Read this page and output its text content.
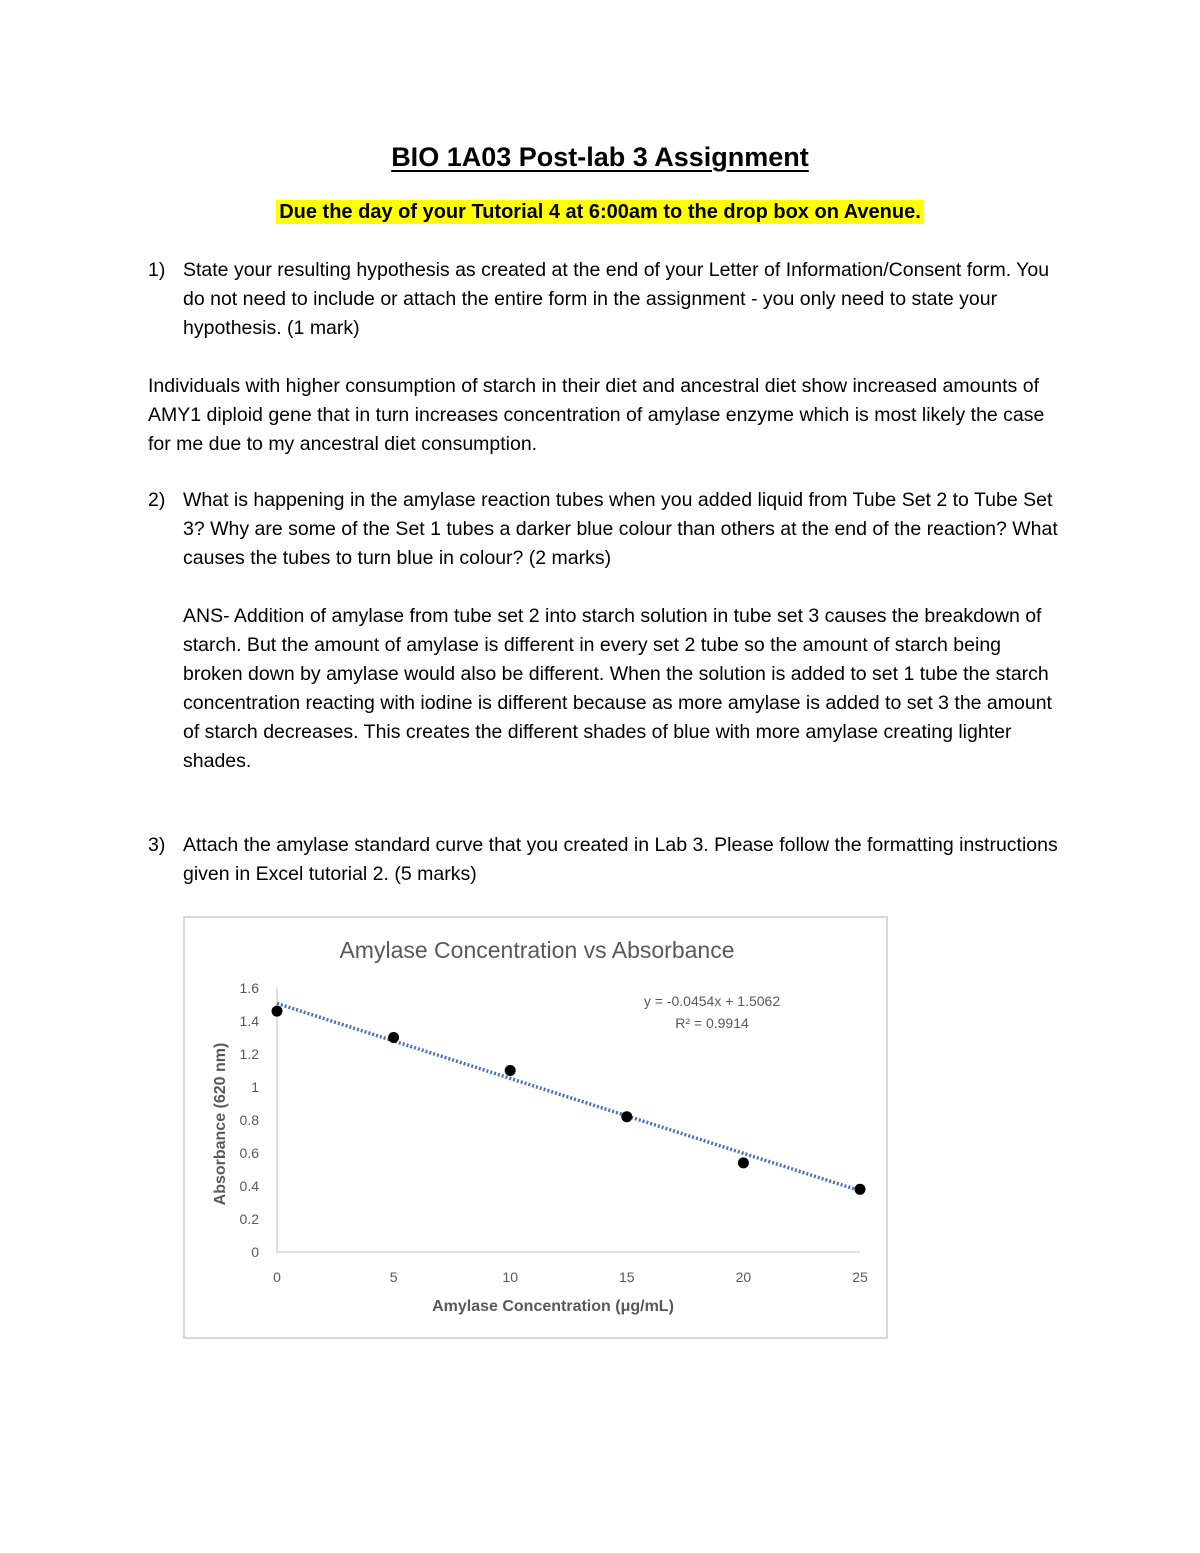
BIO 1A03 Post-lab 3 Assignment
Due the day of your Tutorial 4 at 6:00am to the drop box on Avenue.
1) State your resulting hypothesis as created at the end of your Letter of Information/Consent form. You do not need to include or attach the entire form in the assignment - you only need to state your hypothesis. (1 mark)
Individuals with higher consumption of starch in their diet and ancestral diet show increased amounts of AMY1 diploid gene that in turn increases concentration of amylase enzyme which is most likely the case for me due to my ancestral diet consumption.
2) What is happening in the amylase reaction tubes when you added liquid from Tube Set 2 to Tube Set 3? Why are some of the Set 1 tubes a darker blue colour than others at the end of the reaction? What causes the tubes to turn blue in colour? (2 marks)
ANS- Addition of amylase from tube set 2 into starch solution in tube set 3 causes the breakdown of starch. But the amount of amylase is different in every set 2 tube so the amount of starch being broken down by amylase would also be different. When the solution is added to set 1 tube the starch concentration reacting with iodine is different because as more amylase is added to set 3 the amount of starch decreases. This creates the different shades of blue with more amylase creating lighter shades.
3) Attach the amylase standard curve that you created in Lab 3. Please follow the formatting instructions given in Excel tutorial 2. (5 marks)
Amylase Concentration vs Absorbance
0
0.2
0.4
0.6
0.8
1
1.2
1.4
1.6
0	5	10	15	20	25
y = -0.0454x + 1.5062
R² = 0.9914
Amylase Concentration (μg/mL)
Absorbance (620 nm)
